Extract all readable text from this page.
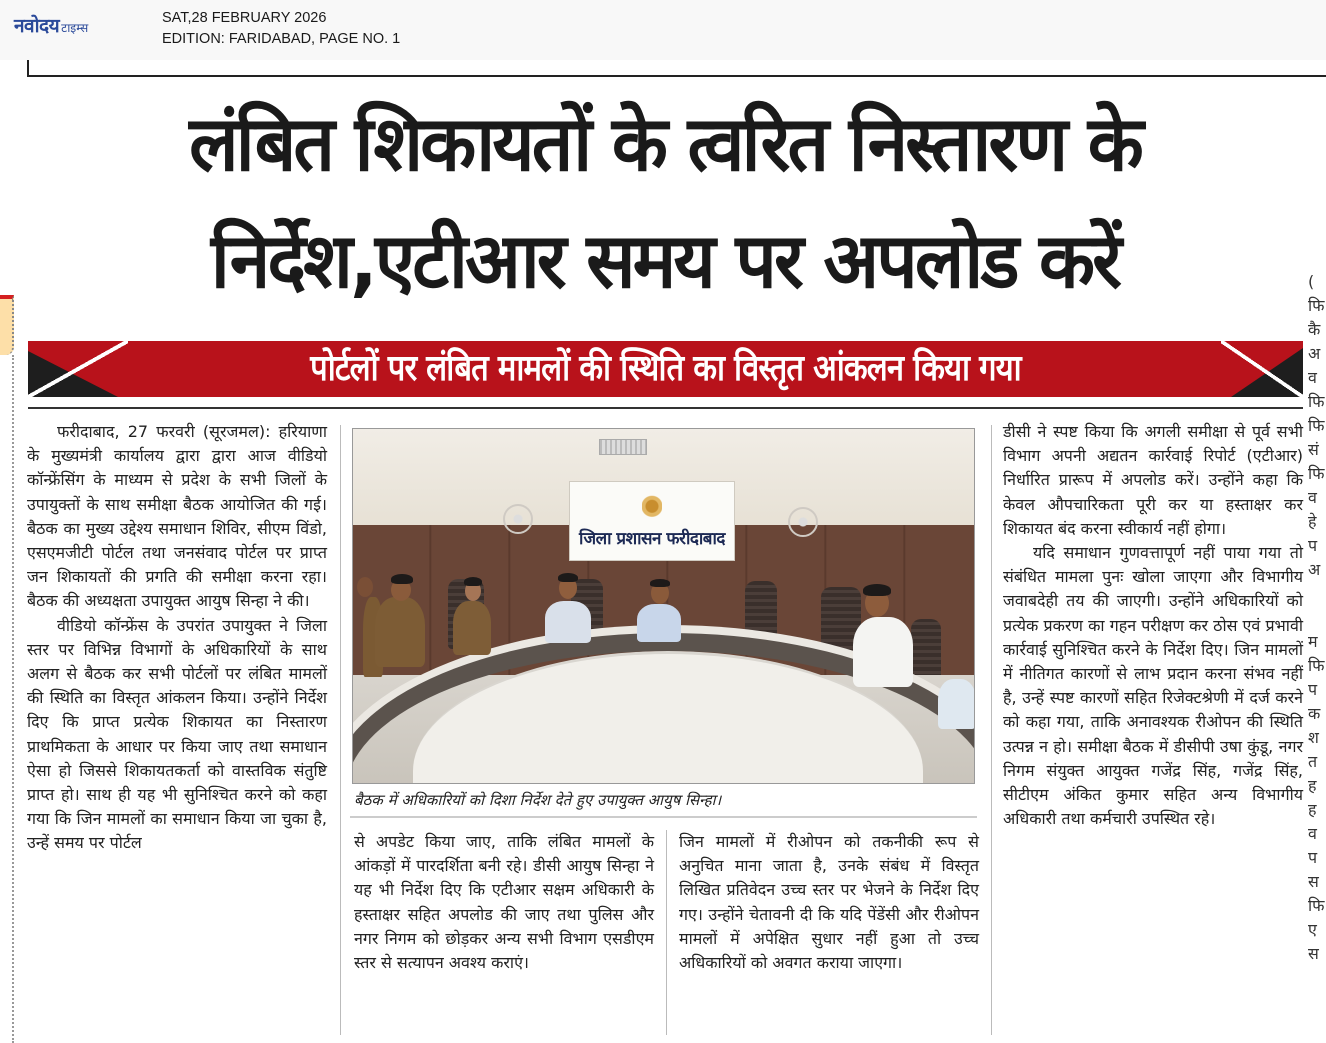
नवोदय टाइम्स
SAT,28 FEBRUARY 2026
EDITION: FARIDABAD, PAGE NO. 1
लंबित शिकायतों के त्वरित निस्तारण के
निर्देश,एटीआर समय पर अपलोड करें
पोर्टलों पर लंबित मामलों की स्थिति का विस्तृत आंकलन किया गया

फरीदाबाद, 27 फरवरी (सूरजमल): हरियाणा के मुख्यमंत्री कार्यालय द्वारा द्वारा आज वीडियो कॉन्फ्रेंसिंग के माध्यम से प्रदेश के सभी जिलों के उपायुक्तों के साथ समीक्षा बैठक आयोजित की गई। बैठक का मुख्य उद्देश्य समाधान शिविर, सीएम विंडो, एसएमजीटी पोर्टल तथा जनसंवाद पोर्टल पर प्राप्त जन शिकायतों की प्रगति की समीक्षा करना रहा। बैठक की अध्यक्षता उपायुक्त आयुष सिन्हा ने की।

वीडियो कॉन्फ्रेंस के उपरांत उपायुक्त ने जिला स्तर पर विभिन्न विभागों के अधिकारियों के साथ अलग से बैठक कर सभी पोर्टलों पर लंबित मामलों की स्थिति का विस्तृत आंकलन किया। उन्होंने निर्देश दिए कि प्राप्त प्रत्येक शिकायत का निस्तारण प्राथमिकता के आधार पर किया जाए तथा समाधान ऐसा हो जिससे शिकायतकर्ता को वास्तविक संतुष्टि प्राप्त हो। साथ ही यह भी सुनिश्चित करने को कहा गया कि जिन मामलों का समाधान किया जा चुका है, उन्हें समय पर पोर्टल

जिला प्रशासन फरीदाबाद
बैठक में अधिकारियों को दिशा निर्देश देते हुए उपायुक्त आयुष सिन्हा।

से अपडेट किया जाए, ताकि लंबित मामलों के आंकड़ों में पारदर्शिता बनी रहे। डीसी आयुष सिन्हा ने यह भी निर्देश दिए कि एटीआर सक्षम अधिकारी के हस्ताक्षर सहित अपलोड की जाए तथा पुलिस और नगर निगम को छोड़कर अन्य सभी विभाग एसडीएम स्तर से सत्यापन अवश्य कराएं।

जिन मामलों में रीओपन को तकनीकी रूप से अनुचित माना जाता है, उनके संबंध में विस्तृत लिखित प्रतिवेदन उच्च स्तर पर भेजने के निर्देश दिए गए। उन्होंने चेतावनी दी कि यदि पेंडेंसी और रीओपन मामलों में अपेक्षित सुधार नहीं हुआ तो उच्च अधिकारियों को अवगत कराया जाएगा।

डीसी ने स्पष्ट किया कि अगली समीक्षा से पूर्व सभी विभाग अपनी अद्यतन कार्रवाई रिपोर्ट (एटीआर) निर्धारित प्रारूप में अपलोड करें। उन्होंने कहा कि केवल औपचारिकता पूरी कर या हस्ताक्षर कर शिकायत बंद करना स्वीकार्य नहीं होगा।

यदि समाधान गुणवत्तापूर्ण नहीं पाया गया तो संबंधित मामला पुनः खोला जाएगा और विभागीय जवाबदेही तय की जाएगी। उन्होंने अधिकारियों को प्रत्येक प्रकरण का गहन परीक्षण कर ठोस एवं प्रभावी कार्रवाई सुनिश्चित करने के निर्देश दिए। जिन मामलों में नीतिगत कारणों से लाभ प्रदान करना संभव नहीं है, उन्हें स्पष्ट कारणों सहित रिजेक्टश्रेणी में दर्ज करने को कहा गया, ताकि अनावश्यक रीओपन की स्थिति उत्पन्न न हो। समीक्षा बैठक में डीसीपी उषा कुंडू, नगर निगम संयुक्त आयुक्त गजेंद्र सिंह, गजेंद्र सिंह, सीटीएम अंकित कुमार सहित अन्य विभागीय अधिकारी तथा कर्मचारी उपस्थित रहे।

(
फि
कै
अ
व
फि
फि
सं
फि
व
हे
प
अ

म
फि
प
क
श
त
ह
ह
व
प
स
फि
ए
स
